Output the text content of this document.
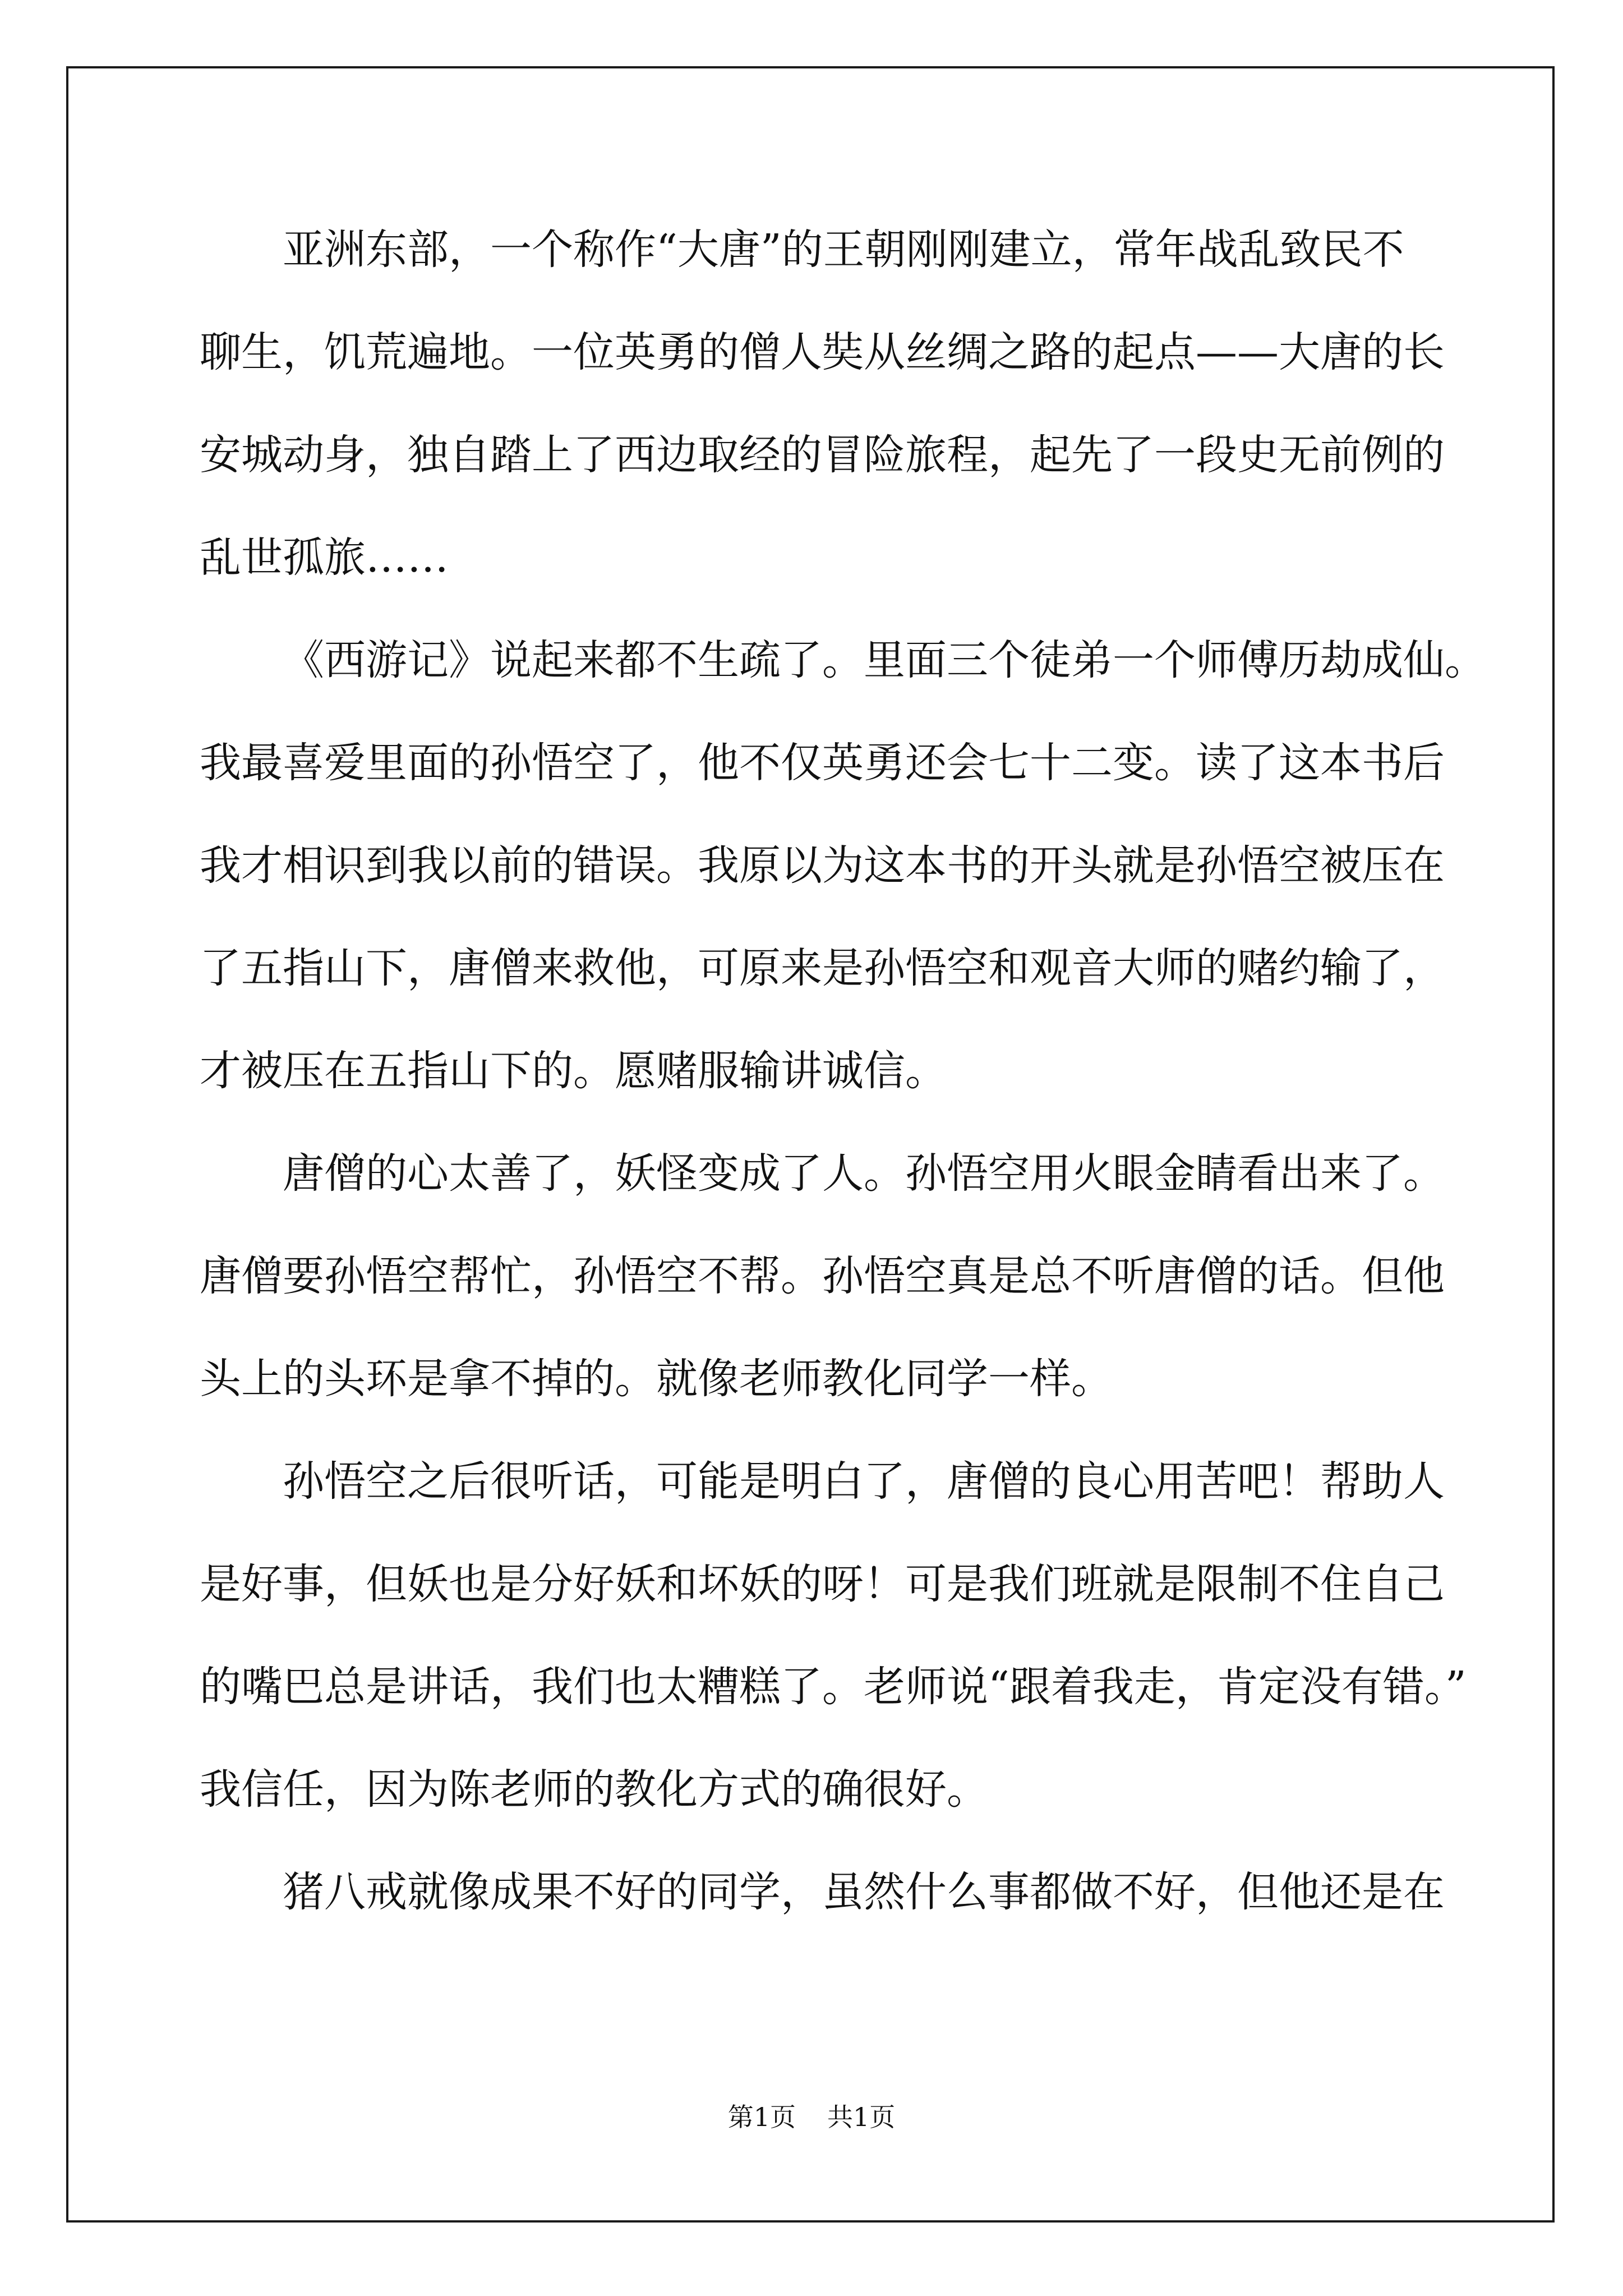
亚洲东部，一个称作“大唐”的王朝刚刚建立，常年战乱致民不
聊生，饥荒遍地。一位英勇的僧人奘从丝绸之路的起点——大唐的长
安城动身，独自踏上了西边取经的冒险旅程，起先了一段史无前例的
乱世孤旅……
《西游记》说起来都不生疏了。里面三个徒弟一个师傅历劫成仙。
我最喜爱里面的孙悟空了，他不仅英勇还会七十二变。读了这本书后
我才相识到我以前的错误。我原以为这本书的开头就是孙悟空被压在
了五指山下，唐僧来救他，可原来是孙悟空和观音大师的赌约输了，
才被压在五指山下的。愿赌服输讲诚信。
唐僧的心太善了，妖怪变成了人。孙悟空用火眼金睛看出来了。
唐僧要孙悟空帮忙，孙悟空不帮。孙悟空真是总不听唐僧的话。但他
头上的头环是拿不掉的。就像老师教化同学一样。
孙悟空之后很听话，可能是明白了，唐僧的良心用苦吧！帮助人
是好事，但妖也是分好妖和坏妖的呀！可是我们班就是限制不住自己
的嘴巴总是讲话，我们也太糟糕了。老师说“跟着我走，肯定没有错。”
我信任，因为陈老师的教化方式的确很好。
猪八戒就像成果不好的同学，虽然什么事都做不好，但他还是在
第1页 共1页
